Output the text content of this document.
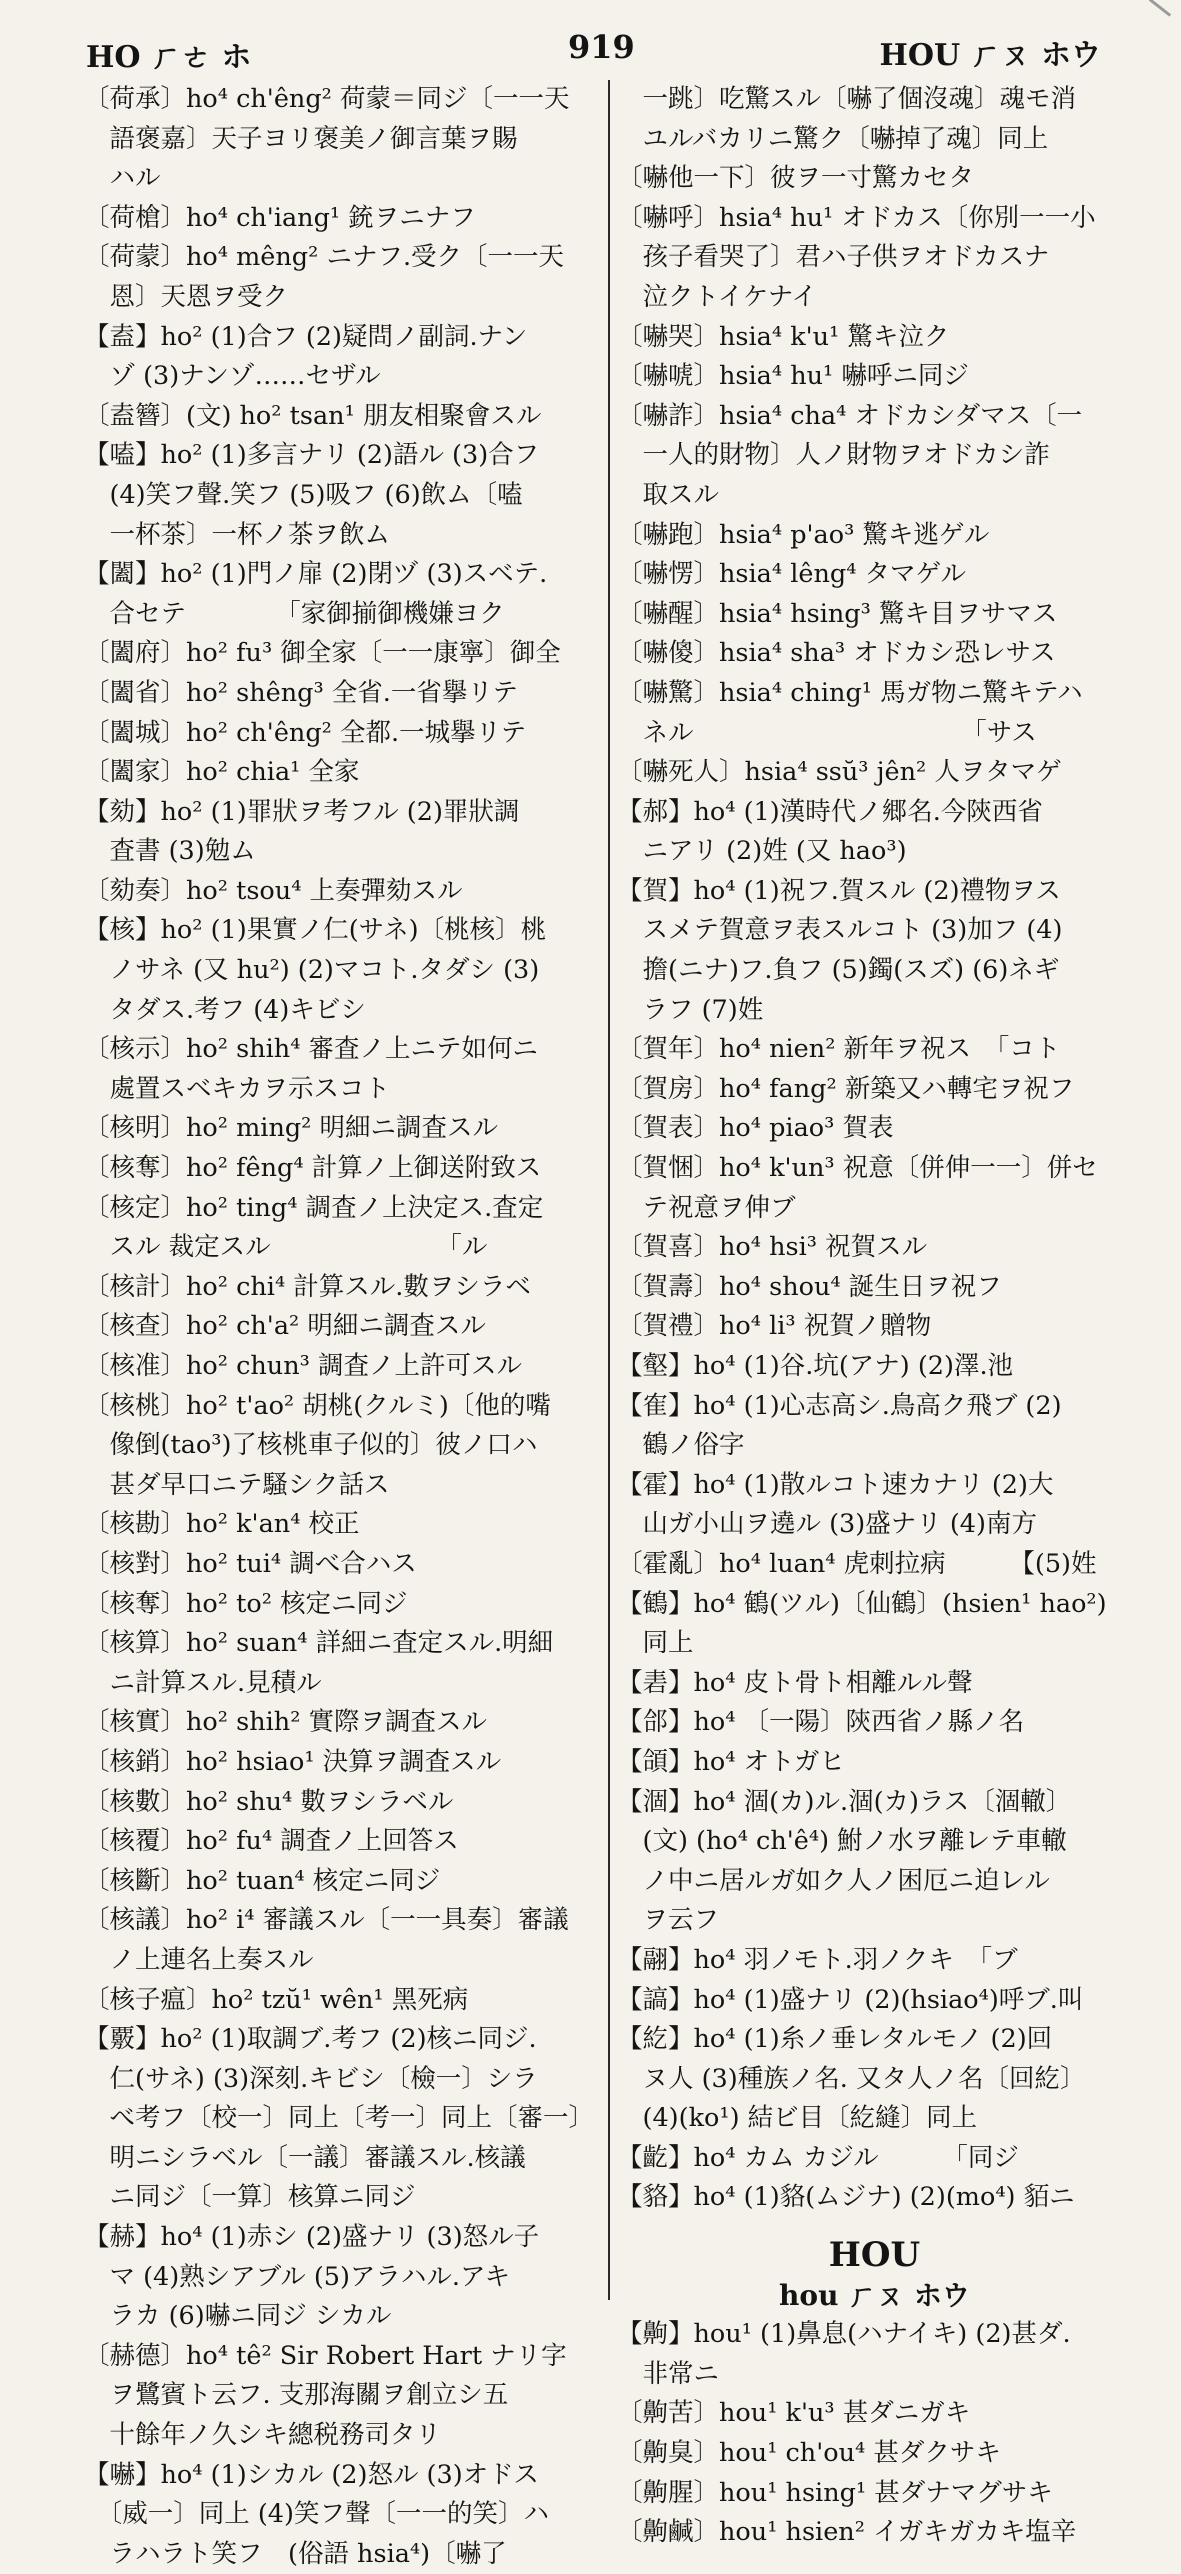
HO ㄏㄜ ホ	919	HOU ㄏㄡ ホウ
〔荷承〕ho⁴ ch'êng² 荷蒙＝同ジ〔一一天
　語褒嘉〕天子ヨリ褒美ノ御言葉ヲ賜
　ハル
〔荷槍〕ho⁴ ch'iang¹ 銃ヲニナフ
〔荷蒙〕ho⁴ mêng² ニナフ.受ク〔一一天
　恩〕天恩ヲ受ク
【盍】ho² (1)合フ (2)疑問ノ副詞.ナン
　ゾ (3)ナンゾ……セザル
〔盍簪〕(文) ho² tsan¹ 朋友相聚會スル
【嗑】ho² (1)多言ナリ (2)語ル (3)合フ
　(4)笑フ聲.笑フ (5)吸フ (6)飲ム〔嗑
　一杯茶〕一杯ノ茶ヲ飲ム
【闔】ho² (1)門ノ扉 (2)閉ヅ (3)スベテ.
　合セテ　　　　「家御揃御機嫌ヨク
〔闔府〕ho² fu³ 御全家〔一一康寧〕御全
〔闔省〕ho² shêng³ 全省.一省擧リテ
〔闔城〕ho² ch'êng² 全都.一城擧リテ
〔闔家〕ho² chia¹ 全家
【劾】ho² (1)罪狀ヲ考フル (2)罪狀調
　査書 (3)勉ム
〔劾奏〕ho² tsou⁴ 上奏彈劾スル
【核】ho² (1)果實ノ仁(サネ)〔桃核〕桃
　ノサネ (又 hu²) (2)マコト.タダシ (3)
　タダス.考フ (4)キビシ
〔核示〕ho² shih⁴ 審査ノ上ニテ如何ニ
　處置スベキカヲ示スコト
〔核明〕ho² ming² 明細ニ調査スル
〔核奪〕ho² fêng⁴ 計算ノ上御送附致ス
〔核定〕ho² ting⁴ 調査ノ上決定ス.査定
　スル 裁定スル　　　　　　　「ル
〔核計〕ho² chi⁴ 計算スル.數ヲシラベ
〔核查〕ho² ch'a² 明細ニ調査スル
〔核准〕ho² chun³ 調査ノ上許可スル
〔核桃〕ho² t'ao² 胡桃(クルミ)〔他的嘴
　像倒(tao³)了核桃車子似的〕彼ノ口ハ
　甚ダ早口ニテ騷シク話ス
〔核勘〕ho² k'an⁴ 校正
〔核對〕ho² tui⁴ 調べ合ハス
〔核奪〕ho² to² 核定ニ同ジ
〔核算〕ho² suan⁴ 詳細ニ査定スル.明細
　ニ計算スル.見積ル
〔核實〕ho² shih² 實際ヲ調査スル
〔核銷〕ho² hsiao¹ 決算ヲ調査スル
〔核數〕ho² shu⁴ 數ヲシラベル
〔核覆〕ho² fu⁴ 調査ノ上回答ス
〔核斷〕ho² tuan⁴ 核定ニ同ジ
〔核議〕ho² i⁴ 審議スル〔一一具奏〕審議
　ノ上連名上奏スル
〔核子瘟〕ho² tzŭ¹ wên¹ 黑死病
【覈】ho² (1)取調ブ.考フ (2)核ニ同ジ.
　仁(サネ) (3)深刻.キビシ〔檢一〕シラ
　べ考フ〔校一〕同上〔考一〕同上〔審一〕
　明ニシラベル〔一議〕審議スル.核議
　ニ同ジ〔一算〕核算ニ同ジ
【赫】ho⁴ (1)赤シ (2)盛ナリ (3)怒ル子
　マ (4)熟シアブル (5)アラハル.アキ
　ラカ (6)嚇ニ同ジ シカル
〔赫德〕ho⁴ tê² Sir Robert Hart ナリ字
　ヲ鷺賓ト云フ. 支那海關ヲ創立シ五
　十餘年ノ久シキ總税務司タリ
【嚇】ho⁴ (1)シカル (2)怒ル (3)オドス
　〔威一〕同上 (4)笑フ聲〔一一的笑〕ハ
　ラハラト笑フ　(俗語 hsia⁴)〔嚇了
　一跳〕吃驚スル〔嚇了個沒魂〕魂モ消
　ユルバカリニ驚ク〔嚇掉了魂〕同上
〔嚇他一下〕彼ヲ一寸驚カセタ
〔嚇呼〕hsia⁴ hu¹ オドカス〔你別一一小
　孩子看哭了〕君ハ子供ヲオドカスナ
　泣クトイケナイ
〔嚇哭〕hsia⁴ k'u¹ 驚キ泣ク
〔嚇唬〕hsia⁴ hu¹ 嚇呼ニ同ジ
〔嚇詐〕hsia⁴ cha⁴ オドカシダマス〔一
　一人的財物〕人ノ財物ヲオドカシ詐
　取スル
〔嚇跑〕hsia⁴ p'ao³ 驚キ逃ゲル
〔嚇愣〕hsia⁴ lêng⁴ タマゲル
〔嚇醒〕hsia⁴ hsing³ 驚キ目ヲサマス
〔嚇傻〕hsia⁴ sha³ オドカシ恐レサス
〔嚇驚〕hsia⁴ ching¹ 馬ガ物ニ驚キテハ
　ネル　　　　　　　　　　　「サス
〔嚇死人〕hsia⁴ ssŭ³ jên² 人ヲタマゲ
【郝】ho⁴ (1)漢時代ノ郷名.今陝西省
　ニアリ (2)姓 (又 hao³)
【賀】ho⁴ (1)祝フ.賀スル (2)禮物ヲス
　スメテ賀意ヲ表スルコト (3)加フ (4)
　擔(ニナ)フ.負フ (5)鐲(スズ) (6)ネギ
　ラフ (7)姓
〔賀年〕ho⁴ nien² 新年ヲ祝ス　「コト
〔賀房〕ho⁴ fang² 新築又ハ轉宅ヲ祝フ
〔賀表〕ho⁴ piao³ 賀表
〔賀悃〕ho⁴ k'un³ 祝意〔併伸一一〕併セ
　テ祝意ヲ伸ブ
〔賀喜〕ho⁴ hsi³ 祝賀スル
〔賀壽〕ho⁴ shou⁴ 誕生日ヲ祝フ
〔賀禮〕ho⁴ li³ 祝賀ノ贈物
【壑】ho⁴ (1)谷.坑(アナ) (2)澤.池
【隺】ho⁴ (1)心志高シ.鳥高ク飛ブ (2)
　鶴ノ俗字
【霍】ho⁴ (1)散ルコト速カナリ (2)大
　山ガ小山ヲ遶ル (3)盛ナリ (4)南方
〔霍亂〕ho⁴ luan⁴ 虎刺拉病　　　【(5)姓
【鶴】ho⁴ 鶴(ツル)〔仙鶴〕(hsien¹ hao²)
　同上
【砉】ho⁴ 皮ト骨ト相離ルル聲
【郃】ho⁴ 〔一陽〕陝西省ノ縣ノ名
【頜】ho⁴ オトガヒ
【涸】ho⁴ 涸(カ)ル.涸(カ)ラス〔涸轍〕
　(文) (ho⁴ ch'ê⁴) 鮒ノ水ヲ離レテ車轍
　ノ中ニ居ルガ如ク人ノ困厄ニ迫レル
　ヲ云フ
【翮】ho⁴ 羽ノモト.羽ノクキ　「ブ
【謞】ho⁴ (1)盛ナリ (2)(hsiao⁴)呼ブ.叫
【紇】ho⁴ (1)糸ノ垂レタルモノ (2)回
　ヌ人 (3)種族ノ名. 又タ人ノ名〔回紇〕
　(4)(ko¹) 結ビ目〔紇縫〕同上
【齕】ho⁴ カム カジル　　　「同ジ
【貉】ho⁴ (1)貉(ムジナ) (2)(mo⁴) 貊ニ
HOU
hou ㄏㄡ ホウ
【齁】hou¹ (1)鼻息(ハナイキ) (2)甚ダ.
　非常ニ
〔齁苦〕hou¹ k'u³ 甚ダニガキ
〔齁臭〕hou¹ ch'ou⁴ 甚ダクサキ
〔齁腥〕hou¹ hsing¹ 甚ダナマグサキ
〔齁鹹〕hou¹ hsien² イガキガカキ塩辛
